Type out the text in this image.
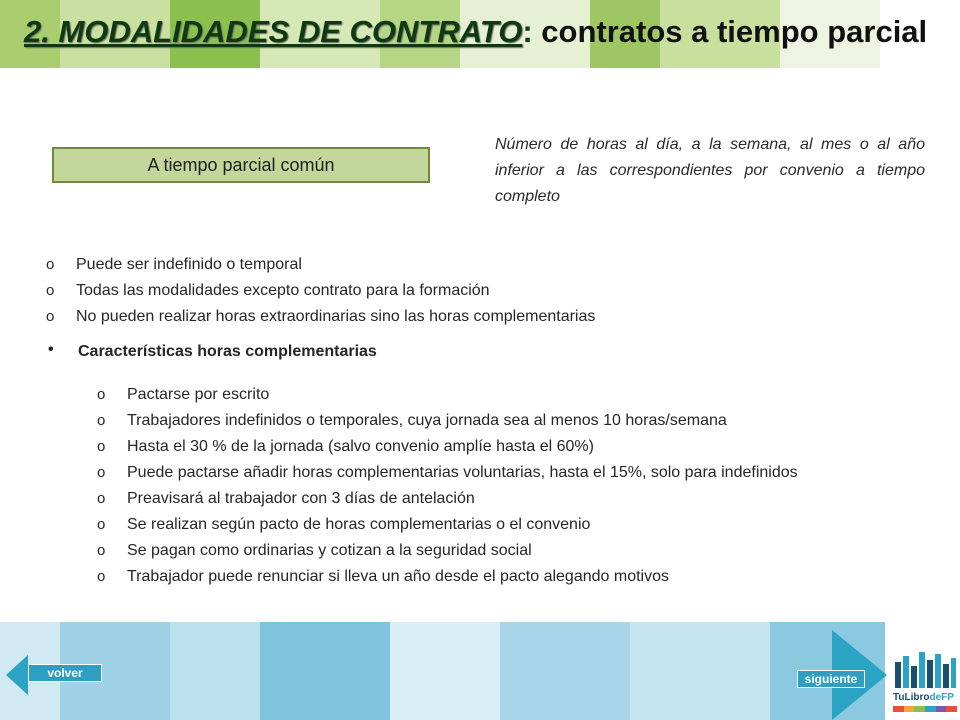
2. MODALIDADES DE CONTRATO: contratos a tiempo parcial
A tiempo parcial común
Número de horas al día, a la semana, al mes o al año inferior a las correspondientes por convenio a tiempo completo
o Puede ser indefinido o temporal
o Todas las modalidades excepto contrato para la formación
o No pueden realizar horas extraordinarias sino las horas complementarias
• Características horas complementarias
o Pactarse por escrito
o Trabajadores indefinidos o temporales, cuya jornada sea al menos 10 horas/semana
o Hasta el 30 % de la jornada (salvo convenio amplíe hasta el 60%)
o Puede pactarse añadir horas complementarias voluntarias, hasta el 15%, solo para indefinidos
o Preavisará al trabajador con 3 días de antelación
o Se realizan según pacto de horas complementarias o el convenio
o Se pagan como ordinarias y cotizan a la seguridad social
o Trabajador puede renunciar si lleva un año desde el pacto alegando motivos
volver	siguiente
TuLibrodeFP
